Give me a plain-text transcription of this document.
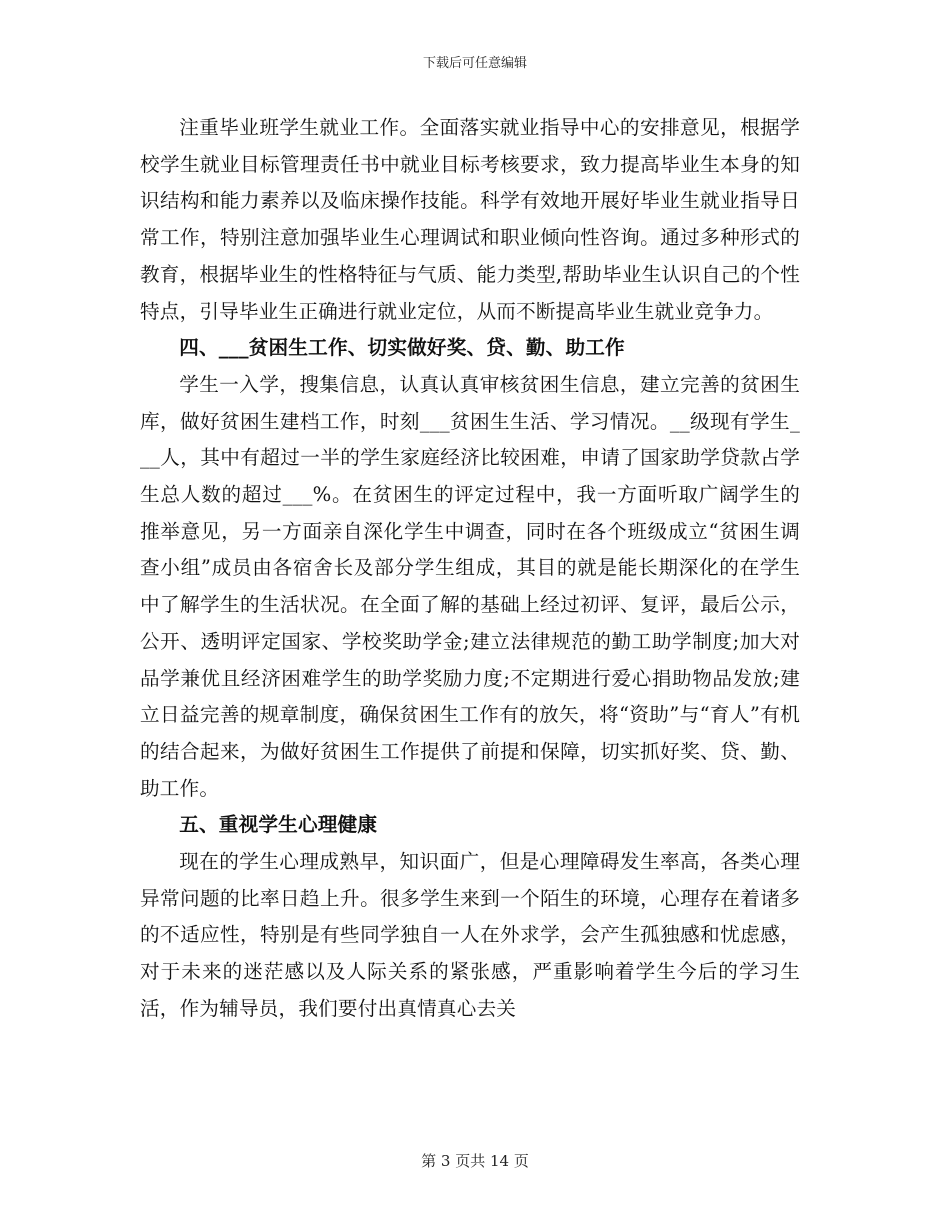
下载后可任意编辑

注重毕业班学生就业工作。全面落实就业指导中心的安排意见，根据学校学生就业目标管理责任书中就业目标考核要求，致力提高毕业生本身的知识结构和能力素养以及临床操作技能。科学有效地开展好毕业生就业指导日常工作，特别注意加强毕业生心理调试和职业倾向性咨询。通过多种形式的教育，根据毕业生的性格特征与气质、能力类型,帮助毕业生认识自己的个性特点，引导毕业生正确进行就业定位，从而不断提高毕业生就业竞争力。

四、___贫困生工作、切实做好奖、贷、勤、助工作

学生一入学，搜集信息，认真认真审核贫困生信息，建立完善的贫困生库，做好贫困生建档工作，时刻___贫困生生活、学习情况。__级现有学生___人，其中有超过一半的学生家庭经济比较困难，申请了国家助学贷款占学生总人数的超过___%。在贫困生的评定过程中，我一方面听取广阔学生的推举意见，另一方面亲自深化学生中调查，同时在各个班级成立“贫困生调查小组”成员由各宿舍长及部分学生组成，其目的就是能长期深化的在学生中了解学生的生活状况。在全面了解的基础上经过初评、复评，最后公示，公开、透明评定国家、学校奖助学金;建立法律规范的勤工助学制度;加大对品学兼优且经济困难学生的助学奖励力度;不定期进行爱心捐助物品发放;建立日益完善的规章制度，确保贫困生工作有的放矢，将“资助”与“育人”有机的结合起来，为做好贫困生工作提供了前提和保障，切实抓好奖、贷、勤、助工作。

五、重视学生心理健康

现在的学生心理成熟早，知识面广，但是心理障碍发生率高，各类心理异常问题的比率日趋上升。很多学生来到一个陌生的环境，心理存在着诸多的不适应性，特别是有些同学独自一人在外求学，会产生孤独感和忧虑感，对于未来的迷茫感以及人际关系的紧张感，严重影响着学生今后的学习生活，作为辅导员，我们要付出真情真心去关

第 3 页共 14 页
